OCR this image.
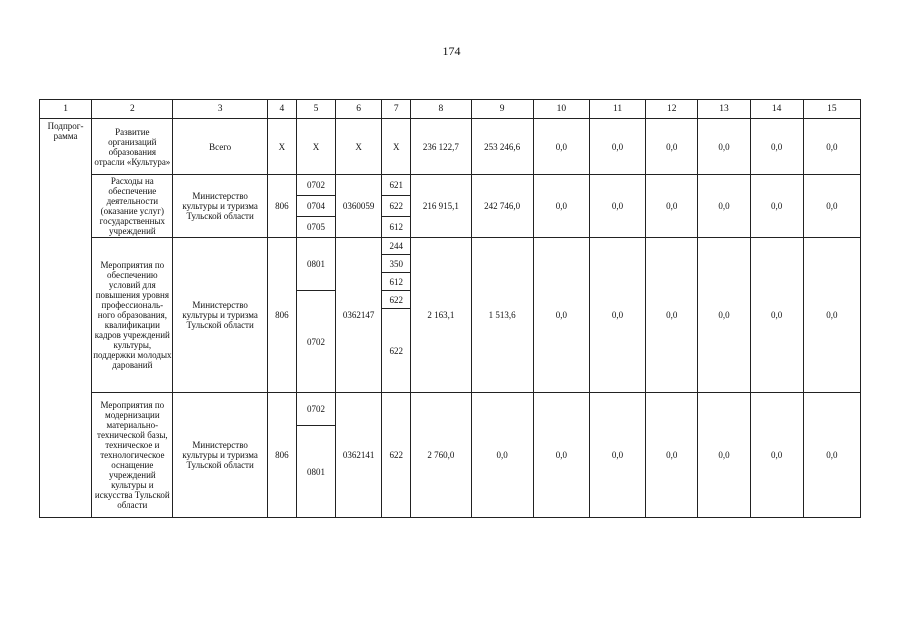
174
1	2	3	4	5	6	7	8	9	10	11	12	13	14	15
Подпрог-
рамма	Развитие организаций образования отрасли «Культура»	Всего	X	X	X	X	236 122,7	253 246,6	0,0	0,0	0,0	0,0	0,0	0,0
	Расходы на обеспечение деятельности (оказание услуг) государственных учреждений	Министерство культуры и туризма Тульской области	806	0702	0360059	621	216 915,1	242 746,0	0,0	0,0	0,0	0,0	0,0	0,0
				0704		622								
				0705		612								
	Мероприятия по обеспечению условий для повышения уровня профессиональ-ного образования, квалификации кадров учреждений культуры, поддержки молодых дарований	Министерство культуры и туризма Тульской области	806	0801	0362147	244	2 163,1	1 513,6	0,0	0,0	0,0	0,0	0,0	0,0
						350								
						612								
				0702		622								
						622								

	Мероприятия по модернизации материально-технической базы, техническое и технологическое оснащение учреждений культуры и искусства Тульской области	Министерство культуры и туризма Тульской области	806	0702	0362141	622	2 760,0	0,0	0,0	0,0	0,0	0,0	0,0	0,0

				0801										
